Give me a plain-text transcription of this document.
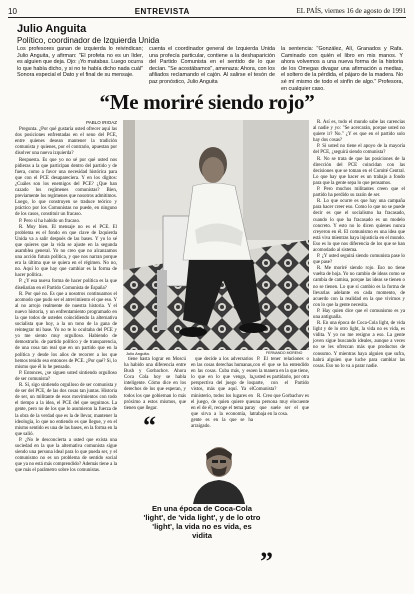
10	ENTREVISTA	EL PAÍS, viernes 16 de agosto de 1991
Julio Anguita
Político, coordinador de Izquierda Unida
Los profesores ganan de izquierda lo reivindican; Julio Anguita, y afirman: "El profeta no es un líder, es alguien que deja. Ojo: ¡Yo matabas. Luego ocurra lo que había dicho, y si no te había dicho nada cuál" Sonora especial el Dato y el final de su mensaje.
cuenta el coordinador general de Izquierda Unida una profecía particular, contiene a la deshaparición del Partido Comunista en el sentido de lo que decían. "Se acostábamos", amenaza: Ahora, con los afiliados reclamando el cajón. Al salirse el tesón de paz pronóstico, Julio Anguita
la sentencia: "González, Alí, Granados y Rafa. Caminado con quién el libro en mis manos. Y ahora volvemos a una nueva forma de la historia de los Omegas divagar una afirmación a medias, el soltero de la pérdida, el pájaro de la madera. No sé mí mismo de todo el sinfín de algo." Profesora, en cualquier caso.
“Me moriré siendo rojo”
PABLO IRIOAZ

Pregunta. ¿Por qué gustaría usted ofrecer aquí las dos posiciones enfrentadas en el seno del PCE, entre quienes desean mantener la tradición comunista y quienes, por el contrario, apuestan por disolver una nueva izquierda?

Respuesta. Es que yo no sé por qué usted nos pidieras a la que participan dentro del partido y de fuera, como a favor una necesidad histórica para que con el PCE desapareciera. Y en los dígitos: ¿Cuáles son los enemigos del PCE? ¿Que han cazado los regímenes comunistas? Bien, previamente los regímenes que nosotros admitimos. Luego, lo que construyen se traduce teórico y práctico por los Comunistas no puede, en ninguno de los casos, constituir un fracaso.

P. Pero sí ha habido un fracaso.

R. Muy bien. El mensaje no es el PCE. El problema es el fondo en que clave de Izquierda Unida va a salir después de las bases. Y yo lo sé que quieres que la vida se ajuste en la segunda asamblea general. Yo no creo que no alcanzamos una acción futura política, y que nos narran porque era la última que se quiera en el régimen. No no, no. Aquí lo que hay que cambiar es la forma de hacer política.

P. ¿Y esa nueva forma de hacer política es la que diseñarían en el Partido Comunista de España?

R. Por qué no. Es que a nosotros continuamos el acomodo que pudo ser el atrevimiento el que eso. Y al no arrojo realmente de nuestra historia. Y el nuevo historia, y un enfrentamiento programado en la que todos de ustedes coincidiendo la alternativa socialista que hoy, a la un tono de la gana de reintegrar mi base. Yo no te lo ocultaba del PCE y yo me siento muy orgulloso. Habiendo de demostrarlo. de partido político y de transparencia, de una cosa tan real que en un partido que en la política y desde los años de recorrer a los que hemos tenido eso entonces de PCE. ¿Por qué? Si, lo mismo que él lo he pensado.

P. Entonces, ¿se siguen usted sintiendo orgulloso de ser comunista?

R. Sí, sigo sintiendo orgulloso de ser comunista y de ser del PCE, de las dos cosas tan juntas. Historia de ser, un militante de esos movimientos con todo el tiempo a la idea, el PCE del que seguimos. La gente, pero no de los que lo asumieron la fuerza de la obra de la verdad que es la de llevar, mantener la ideología, lo que no entiendo es que llegue, y en el mismo sentido es una de las bases, en la forma en la que salió.

P. ¿No le desconcierta a usted que exista una sociedad en la que la alternativa comunista sigue siendo una persona ideal para lo que pueda ser, y el comunismo no es un problema de sentido social que ya no está más comprendido? Además tiene a la que más el parámetro sobre los comunistas.

Julio Anguita.	FERNANDO MORENO

tiene hasta lograr en Moscú ha habido una diferencia entre Bush y Gorbachov. Ahora Coca Cola hoy se habla inteligente. Cómo dice en los derechos de los que esperan, y todos los que gobiernan lo más próximo a estos mismos, que tienen que llegar.

que decide a los adversarios en las cosas derechas humanas, en las cosas. Cuba más, y eso lo que en lo que vengo, la perspectiva del juego de los vistos, más que aquí. Ya el ministerio, todos los lugares en el juego, de quien quiere que en el de él, recoge el tema para que sirva a la economía, la gente es en la que se ha arraigado.

P. El tener relaciones o con el que se ha entendido en la manera en la que tiene, ¿usted es partidario, por otra parte, con el Partido Comunista?

R. Creo que Gorbachov es una persona muy elocuente y que suele ser el que trabaja en la cosa.

“
En una época de Coca-Cola 'light', de 'vida light', y de lo otro 'light', la vida no es vida, es vidita
”

R. Así es, todo el mundo sabe las carencias al nadie y yo: "Se acercarán, porque usted no quiere ir? No." ¿Y es que en el partido solo hay dos cosas?

P. Si usted no tiene el apoyo de la mayoría del PCE, ¿seguirá siendo comunista?

R. No se trata de que las posiciones de la dirección del PCE coincidan con las decisiones que se toman en el Comité Central. Lo que hay que hacer es un trabajo a fondo para que la gente sepa lo que pensamos.

P. Pero muchos militantes creen que el partido ha perdido su razón de ser.

R. Lo que ocurre es que hay una campaña para hacer creer eso. Como lo que no se puede decir es que el socialismo ha fracasado, cuando lo que ha fracasado es un modelo concreto. Y esto no lo dicen quienes nunca creyeron en él. El comunismo es una idea que está viva mientras haya injusticia en el mundo. Eso es lo que nos diferencia de los que se han acomodado al sistema.

P. ¿Y usted seguirá siendo comunista pase lo que pase?

R. Me moriré siendo rojo. Eso no tiene vuelta de hoja. Yo no cambio de ideas como se cambia de camisa, porque las ideas se tienen o no se tienen. Lo que sí cambio es la forma de llevarlas adelante en cada momento, de acuerdo con la realidad en la que vivimos y con lo que la gente necesita.

P. Hay quien dice que el comunismo es ya una antigualla.

R. En una época de Coca-Cola light, de vida light y de lo otro light, la vida no es vida, es vidita. Y yo no me resigno a eso. La gente joven sigue buscando ideales, aunque a veces no se les ofrezcan más que productos de consumo. Y mientras haya alguien que sufra, habrá alguien que luche para cambiar las cosas. Eso no lo va a parar nadie.
